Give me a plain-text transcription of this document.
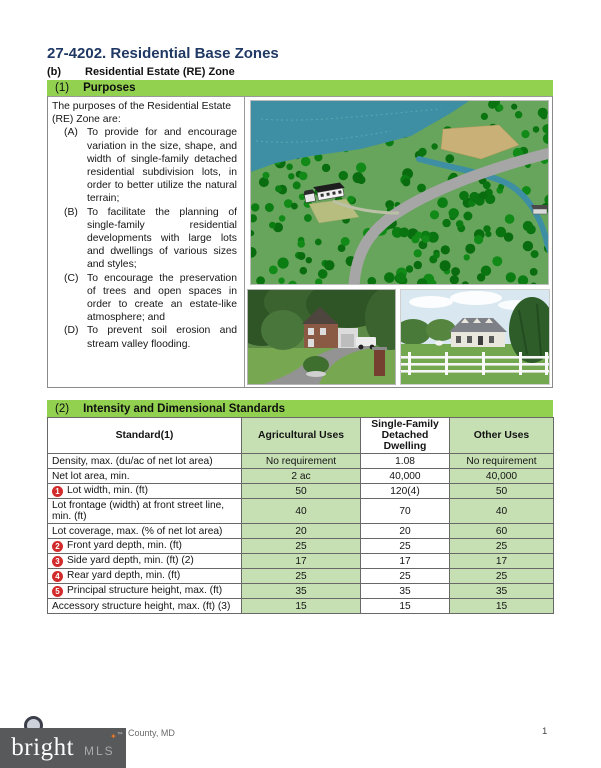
27-4202. Residential Base Zones
(b)	Residential Estate (RE) Zone
(1) Purposes
The purposes of the Residential Estate (RE) Zone are:
(A) To provide for and encourage variation in the size, shape, and width of single-family detached residential subdivision lots, in order to better utilize the natural terrain;
(B) To facilitate the planning of single-family residential developments with large lots and dwellings of various sizes and styles;
(C) To encourage the preservation of trees and open spaces in order to create an estate-like atmosphere; and
(D) To prevent soil erosion and stream valley flooding.
(2) Intensity and Dimensional Standards
Standard(1)	Agricultural Uses	Single-Family Detached Dwelling	Other Uses
Density, max. (du/ac of net lot area)	No requirement	1.08	No requirement
Net lot area, min.	2 ac	40,000	40,000
1 Lot width, min. (ft)	50	120(4)	50
Lot frontage (width) at front street line, min. (ft)	40	70	40
Lot coverage, max. (% of net lot area)	20	20	60
2 Front yard depth, min. (ft)	25	25	25
3 Side yard depth, min. (ft) (2)	17	17	17
4 Rear yard depth, min. (ft)	25	25	25
5 Principal structure height, max. (ft)	35	35	35
Accessory structure height, max. (ft) (3)	15	15	15
bright	✦ ™
MLS
County, MD	1
